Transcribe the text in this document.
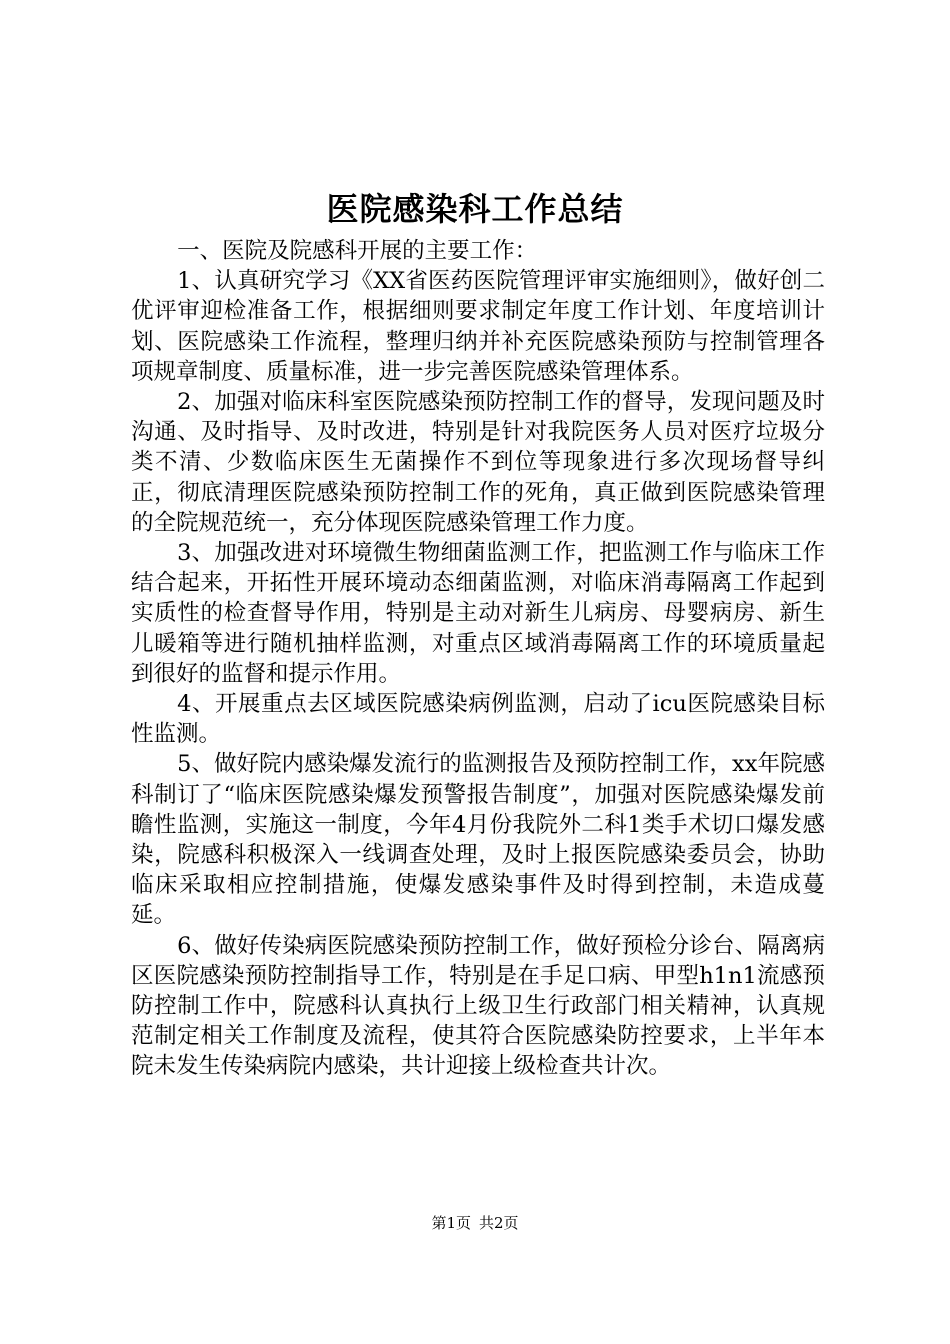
医院感染科工作总结

一、医院及院感科开展的主要工作：

1、认真研究学习《XX省医药医院管理评审实施细则》，做好创二优评审迎检准备工作，根据细则要求制定年度工作计划、年度培训计划、医院感染工作流程，整理归纳并补充医院感染预防与控制管理各项规章制度、质量标准，进一步完善医院感染管理体系。

2、加强对临床科室医院感染预防控制工作的督导，发现问题及时沟通、及时指导、及时改进，特别是针对我院医务人员对医疗垃圾分类不清、少数临床医生无菌操作不到位等现象进行多次现场督导纠正，彻底清理医院感染预防控制工作的死角，真正做到医院感染管理的全院规范统一，充分体现医院感染管理工作力度。

3、加强改进对环境微生物细菌监测工作，把监测工作与临床工作结合起来，开拓性开展环境动态细菌监测，对临床消毒隔离工作起到实质性的检查督导作用，特别是主动对新生儿病房、母婴病房、新生儿暖箱等进行随机抽样监测，对重点区域消毒隔离工作的环境质量起到很好的监督和提示作用。

4、开展重点去区域医院感染病例监测，启动了icu医院感染目标性监测。

5、做好院内感染爆发流行的监测报告及预防控制工作，xx年院感科制订了“临床医院感染爆发预警报告制度”，加强对医院感染爆发前瞻性监测，实施这一制度，今年4月份我院外二科1类手术切口爆发感染，院感科积极深入一线调查处理，及时上报医院感染委员会，协助临床采取相应控制措施，使爆发感染事件及时得到控制，未造成蔓延。

6、做好传染病医院感染预防控制工作，做好预检分诊台、隔离病区医院感染预防控制指导工作，特别是在手足口病、甲型h1n1流感预防控制工作中，院感科认真执行上级卫生行政部门相关精神，认真规范制定相关工作制度及流程，使其符合医院感染防控要求，上半年本院未发生传染病院内感染，共计迎接上级检查共计次。

第1页 共2页
